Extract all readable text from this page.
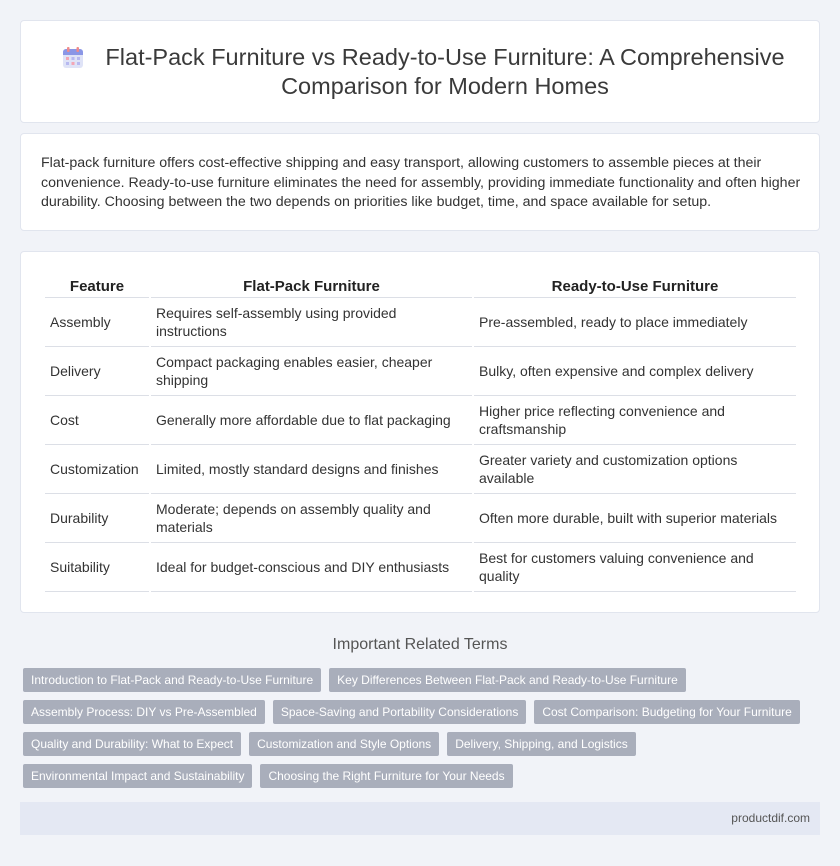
Flat-Pack Furniture vs Ready-to-Use Furniture: A Comprehensive Comparison for Modern Homes

Flat-pack furniture offers cost-effective shipping and easy transport, allowing customers to assemble pieces at their convenience. Ready-to-use furniture eliminates the need for assembly, providing immediate functionality and often higher durability. Choosing between the two depends on priorities like budget, time, and space available for setup.

Feature	Flat-Pack Furniture	Ready-to-Use Furniture
Assembly	Requires self-assembly using provided instructions	Pre-assembled, ready to place immediately
Delivery	Compact packaging enables easier, cheaper shipping	Bulky, often expensive and complex delivery
Cost	Generally more affordable due to flat packaging	Higher price reflecting convenience and craftsmanship
Customization	Limited, mostly standard designs and finishes	Greater variety and customization options available
Durability	Moderate; depends on assembly quality and materials	Often more durable, built with superior materials
Suitability	Ideal for budget-conscious and DIY enthusiasts	Best for customers valuing convenience and quality
Important Related Terms
Introduction to Flat-Pack and Ready-to-Use Furniture	Key Differences Between Flat-Pack and Ready-to-Use Furniture
Assembly Process: DIY vs Pre-Assembled	Space-Saving and Portability Considerations	Cost Comparison: Budgeting for Your Furniture
Quality and Durability: What to Expect	Customization and Style Options	Delivery, Shipping, and Logistics
Environmental Impact and Sustainability	Choosing the Right Furniture for Your Needs
productdif.com
